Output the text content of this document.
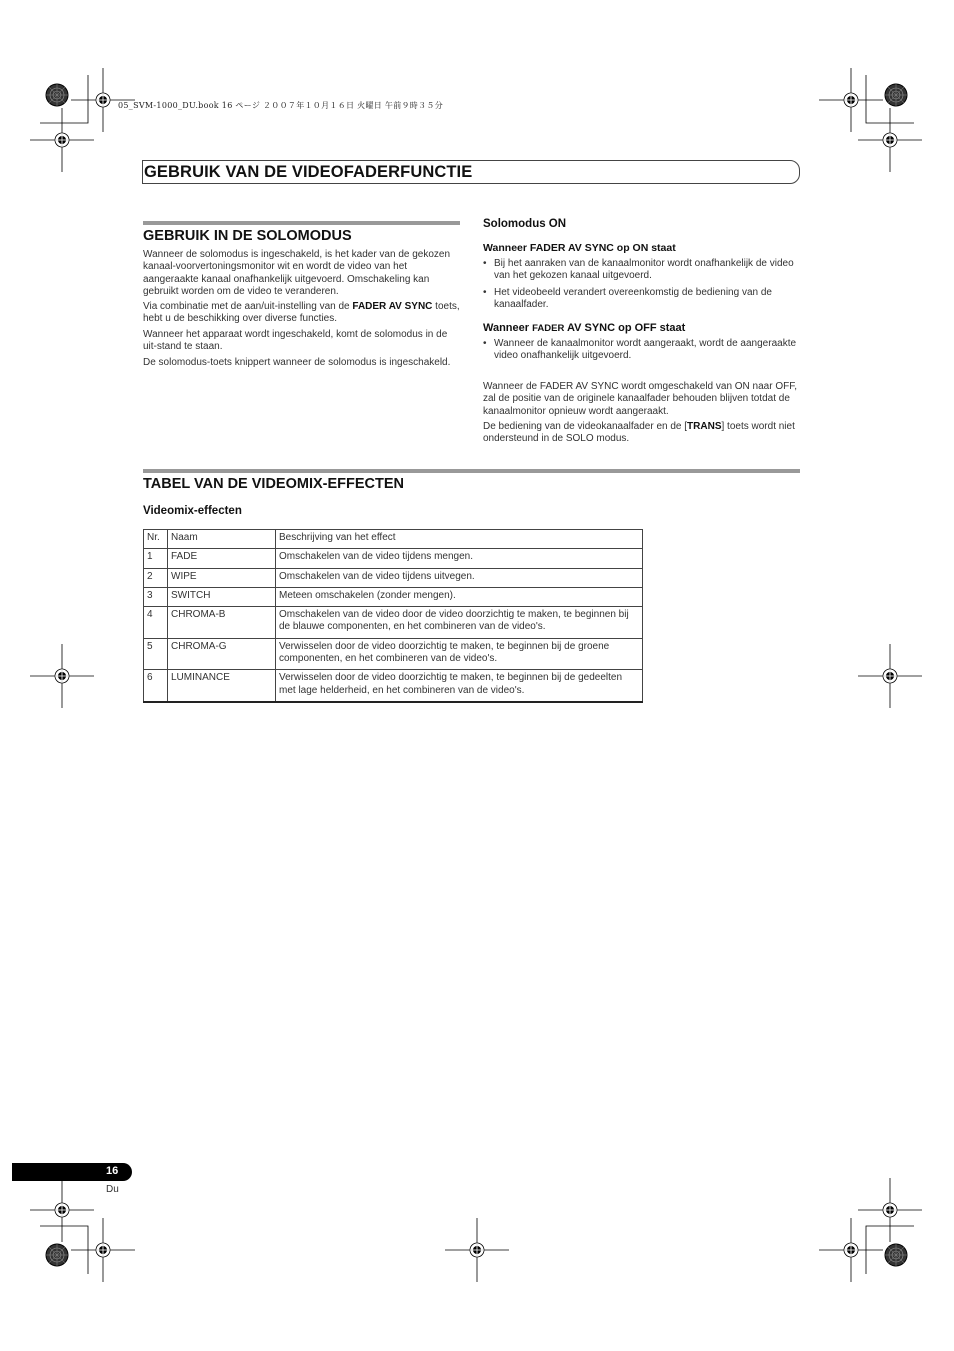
05_SVM-1000_DU.book 16 ページ ２００７年１０月１６日 火曜日 午前９時３５分
GEBRUIK VAN DE VIDEOFADERFUNCTIE
GEBRUIK IN DE SOLOMODUS

Wanneer de solomodus is ingeschakeld, is het kader van de gekozen kanaal-voorvertoningsmonitor wit en wordt de video van het aangeraakte kanaal onafhankelijk uitgevoerd. Omschakeling kan gebruikt worden om de video te veranderen.

Via combinatie met de aan/uit-instelling van de FADER AV SYNC toets, hebt u de beschikking over diverse functies.

Wanneer het apparaat wordt ingeschakeld, komt de solomodus in de uit-stand te staan.

De solomodus-toets knippert wanneer de solomodus is ingeschakeld.

Solomodus ON
Wanneer FADER AV SYNC op ON staat
• Bij het aanraken van de kanaalmonitor wordt onafhankelijk de video van het gekozen kanaal uitgevoerd.
• Het videobeeld verandert overeenkomstig de bediening van de kanaalfader.
Wanneer FADER AV SYNC op OFF staat
• Wanneer de kanaalmonitor wordt aangeraakt, wordt de aangeraakte video onafhankelijk uitgevoerd.

Wanneer de FADER AV SYNC wordt omgeschakeld van ON naar OFF, zal de positie van de originele kanaalfader behouden blijven totdat de kanaalmonitor opnieuw wordt aangeraakt.

De bediening van de videokanaalfader en de [TRANS] toets wordt niet ondersteund in de SOLO modus.

TABEL VAN DE VIDEOMIX-EFFECTEN
Videomix-effecten
Nr.	Naam	Beschrijving van het effect
1	FADE	Omschakelen van de video tijdens mengen.
2	WIPE	Omschakelen van de video tijdens uitvegen.
3	SWITCH	Meteen omschakelen (zonder mengen).
4	CHROMA-B	Omschakelen van de video door de video doorzichtig te maken, te beginnen bij de blauwe componenten, en het combineren van de video's.
5	CHROMA-G	Verwisselen door de video doorzichtig te maken, te beginnen bij de groene componenten, en het combineren van de video's.
6	LUMINANCE	Verwisselen door de video doorzichtig te maken, te beginnen bij de gedeelten met lage helderheid, en het combineren van de video's.
16
Du
